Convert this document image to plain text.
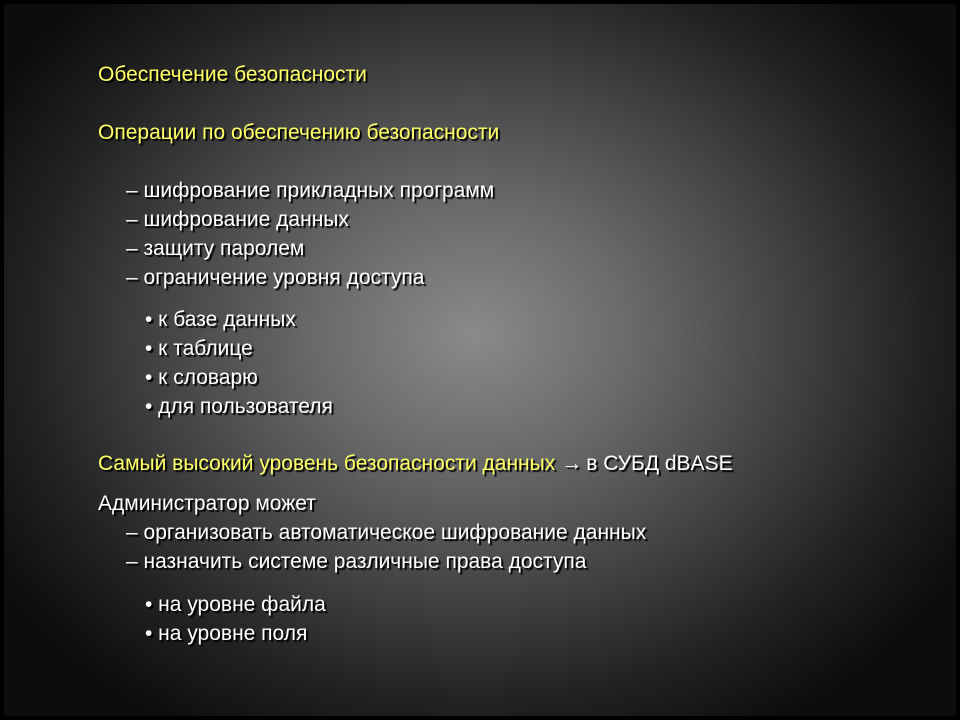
Обеспечение безопасности
Операции по обеспечению безопасности
– шифрование прикладных программ
– шифрование данных
– защиту паролем
– ограничение уровня доступа
• к базе данных
• к таблице
• к словарю
• для пользователя
Самый высокий уровень безопасности данных → в СУБД dBASE
Администратор может
– организовать автоматическое шифрование данных
– назначить системе различные права доступа
• на уровне файла
• на уровне поля
